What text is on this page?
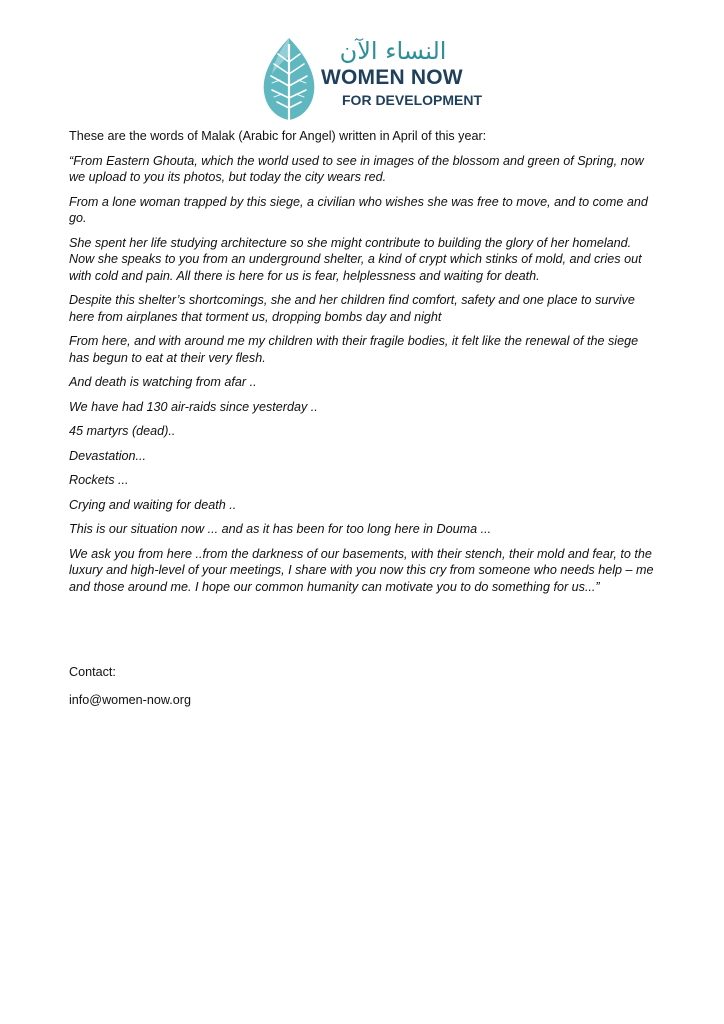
النساء الآن
WOMEN NOW
FOR DEVELOPMENT

These are the words of Malak (Arabic for Angel) written in April of this year:

“From Eastern Ghouta, which the world used to see in images of the blossom and green of Spring, now we upload to you its photos, but today the city wears red.

From a lone woman trapped by this siege, a civilian who wishes she was free to move, and to come and go.

She spent her life studying architecture so she might contribute to building the glory of her homeland. Now she speaks to you from an underground shelter, a kind of crypt which stinks of mold, and cries out with cold and pain. All there is here for us is fear, helplessness and waiting for death.

Despite this shelter’s shortcomings, she and her children find comfort, safety and one place to survive here from airplanes that torment us, dropping bombs day and night

From here, and with around me my children with their fragile bodies, it felt like the renewal of the siege has begun to eat at their very flesh.

And death is watching from afar ..

We have had 130 air-raids since yesterday ..

45 martyrs (dead)..

Devastation...

Rockets ...

Crying and waiting for death ..

This is our situation now ... and as it has been for too long here in Douma ...

We ask you from here ..from the darkness of our basements, with their stench, their mold and fear, to the luxury and high-level of your meetings, I share with you now this cry from someone who needs help – me and those around me. I hope our common humanity can motivate you to do something for us...”

Contact:

info@women-now.org
